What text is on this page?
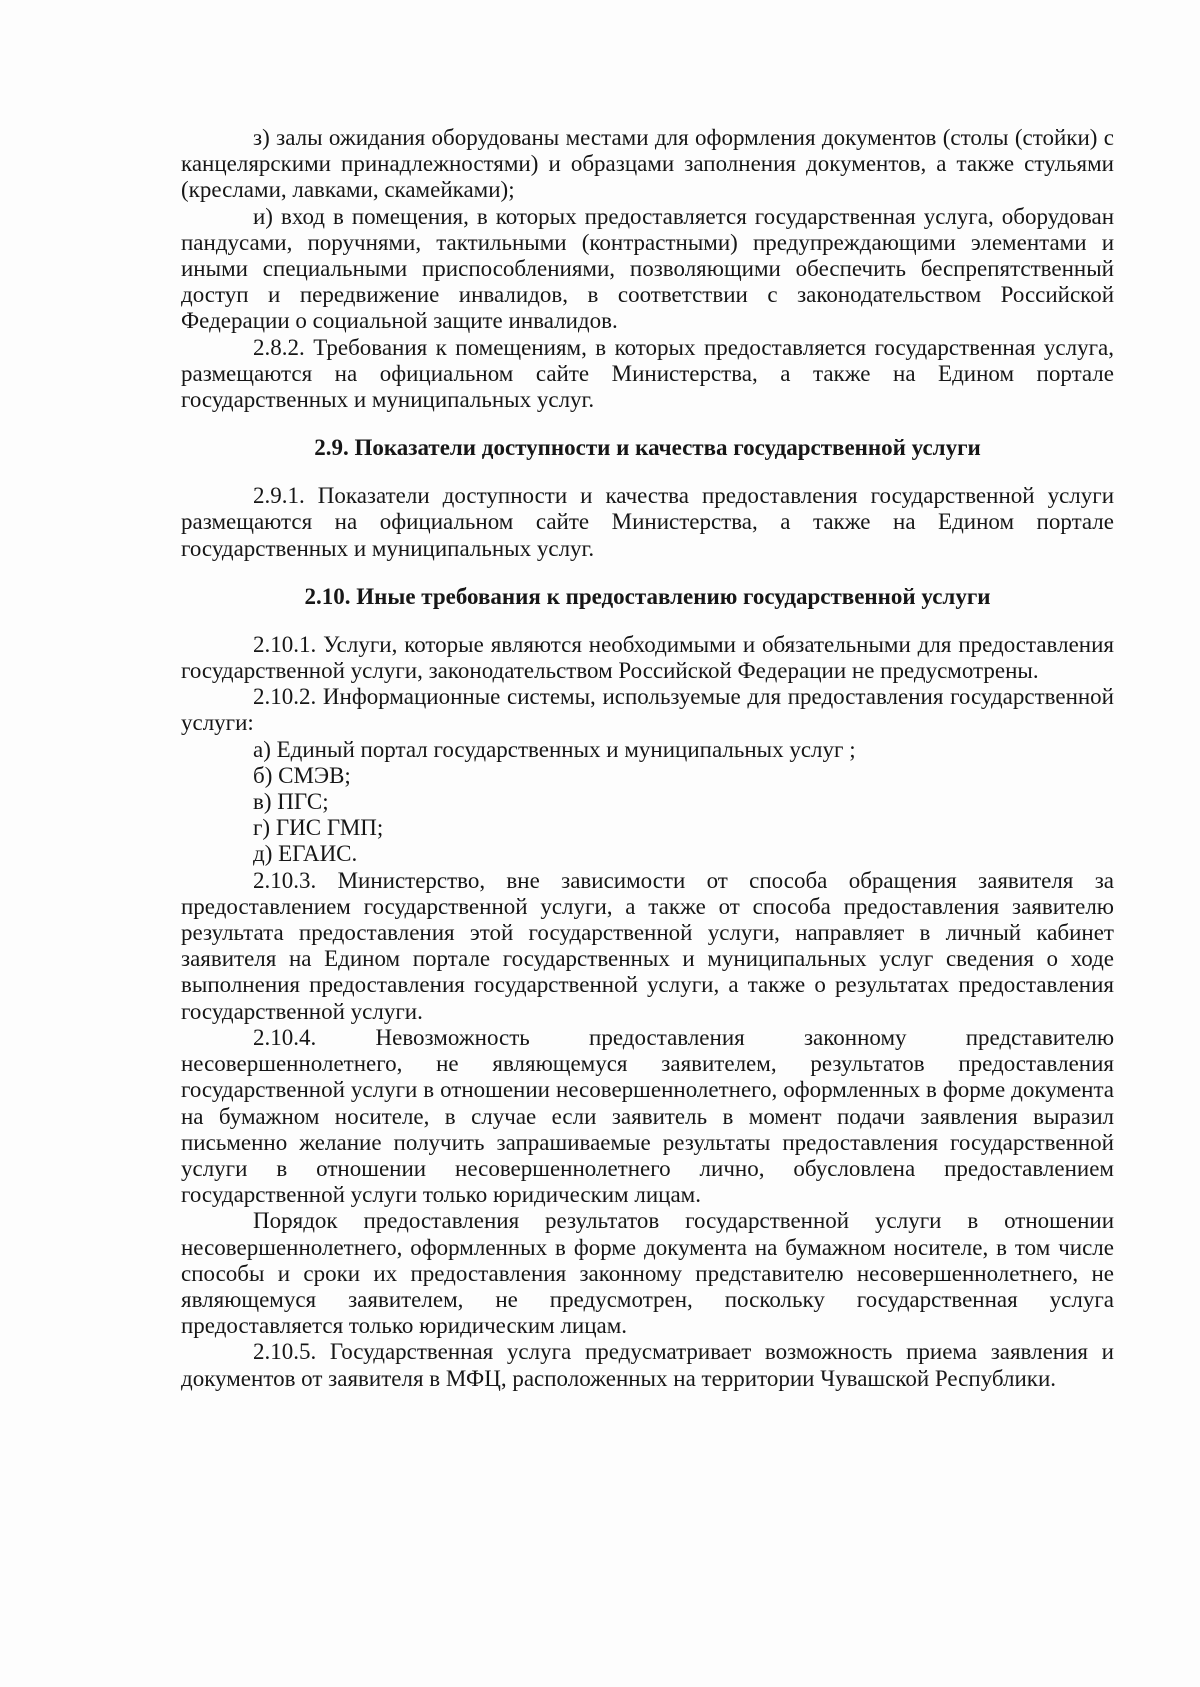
з) залы ожидания оборудованы местами для оформления документов (столы (стойки) с канцелярскими принадлежностями) и образцами заполнения документов, а также стульями (креслами, лавками, скамейками);

и) вход в помещения, в которых предоставляется государственная услуга, оборудован пандусами, поручнями, тактильными (контрастными) предупреждающими элементами и иными специальными приспособлениями, позволяющими обеспечить беспрепятственный доступ и передвижение инвалидов, в соответствии с законодательством Российской Федерации о социальной защите инвалидов.

2.8.2. Требования к помещениям, в которых предоставляется государственная услуга, размещаются на официальном сайте Министерства, а также на Едином портале государственных и муниципальных услуг.

2.9. Показатели доступности и качества государственной услуги

2.9.1. Показатели доступности и качества предоставления государственной услуги размещаются на официальном сайте Министерства, а также на Едином портале государственных и муниципальных услуг.

2.10. Иные требования к предоставлению государственной услуги

2.10.1. Услуги, которые являются необходимыми и обязательными для предоставления государственной услуги, законодательством Российской Федерации не предусмотрены.

2.10.2. Информационные системы, используемые для предоставления государственной услуги:

а) Единый портал государственных и муниципальных услуг ;

б) СМЭВ;

в) ПГС;

г) ГИС ГМП;

д) ЕГАИС.

2.10.3. Министерство, вне зависимости от способа обращения заявителя за предоставлением государственной услуги, а также от способа предоставления заявителю результата предоставления этой государственной услуги, направляет в личный кабинет заявителя на Едином портале государственных и муниципальных услуг сведения о ходе выполнения предоставления государственной услуги, а также о результатах предоставления государственной услуги.

2.10.4. Невозможность предоставления законному представителю несовершеннолетнего, не являющемуся заявителем, результатов предоставления государственной услуги в отношении несовершеннолетнего, оформленных в форме документа на бумажном носителе, в случае если заявитель в момент подачи заявления выразил письменно желание получить запрашиваемые результаты предоставления государственной услуги в отношении несовершеннолетнего лично, обусловлена предоставлением государственной услуги только юридическим лицам.

Порядок предоставления результатов государственной услуги в отношении несовершеннолетнего, оформленных в форме документа на бумажном носителе, в том числе способы и сроки их предоставления законному представителю несовершеннолетнего, не являющемуся заявителем, не предусмотрен, поскольку государственная услуга предоставляется только юридическим лицам.

2.10.5. Государственная услуга предусматривает возможность приема заявления и документов от заявителя в МФЦ, расположенных на территории Чувашской Республики.
